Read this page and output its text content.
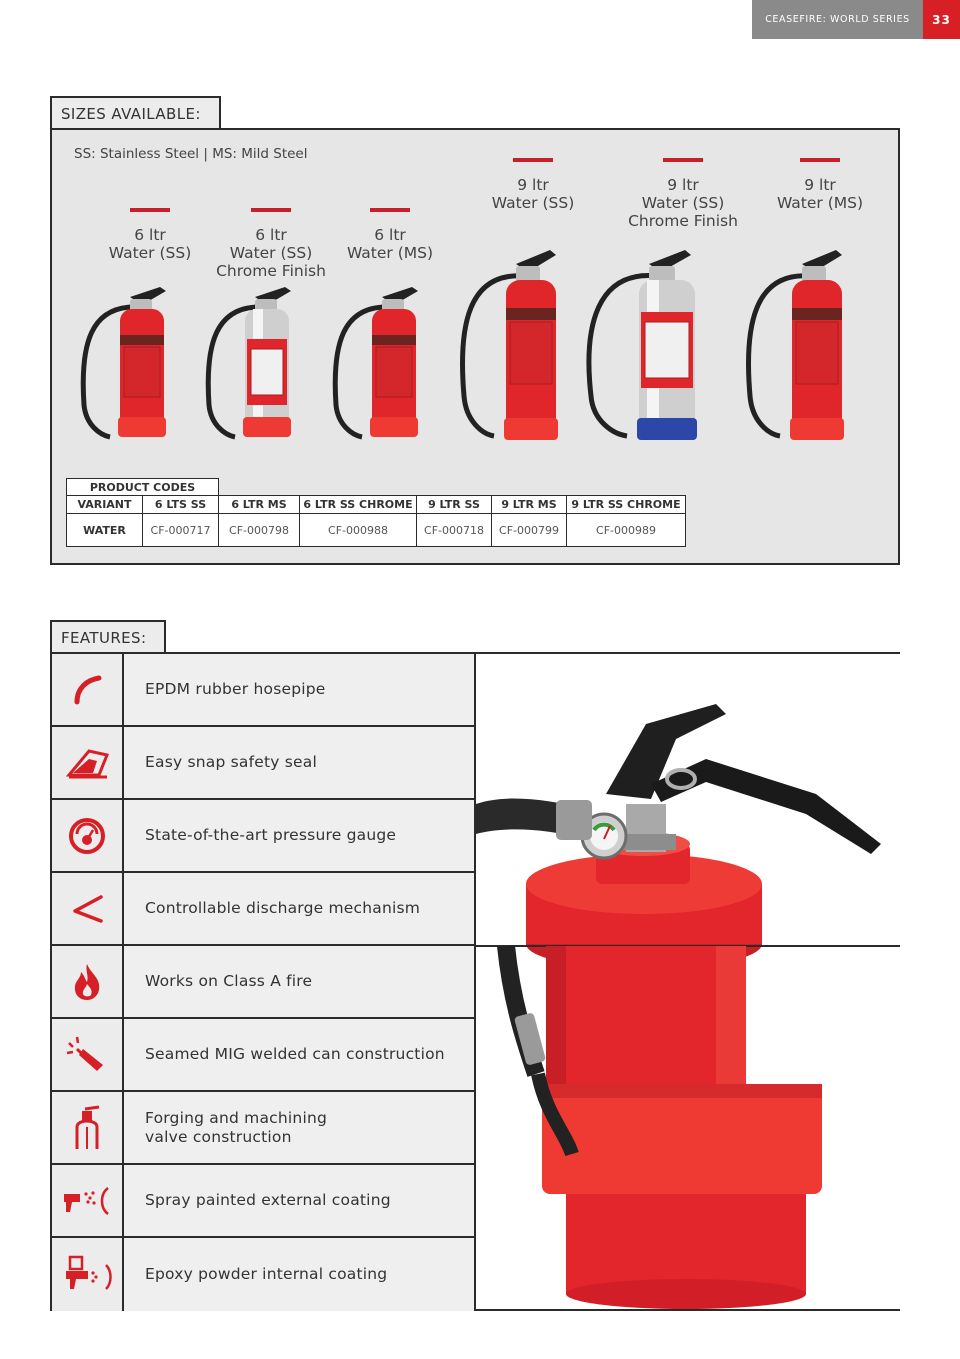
CEASEFIRE: WORLD SERIES	33
SIZES AVAILABLE:
SS: Stainless Steel | MS: Mild Steel
6 ltr
Water (SS)
6 ltr
Water (SS)
Chrome Finish
6 ltr
Water (MS)
9 ltr
Water (SS)
9 ltr
Water (SS)
Chrome Finish
9 ltr
Water (MS)
	PRODUCT CODES						
	VARIANT	6 LTS SS	6 LTR MS	6 LTR SS CHROME	9 LTR SS	9 LTR MS	9 LTR SS CHROME
	WATER	CF-000717	CF-000798	CF-000988	CF-000718	CF-000799	CF-000989
FEATURES:
EPDM rubber hosepipe
Easy snap safety seal
State-of-the-art pressure gauge
Controllable discharge mechanism
Works on Class A fire
Seamed MIG welded can construction
Forging and machining
valve construction
Spray painted external coating
Epoxy powder internal coating
